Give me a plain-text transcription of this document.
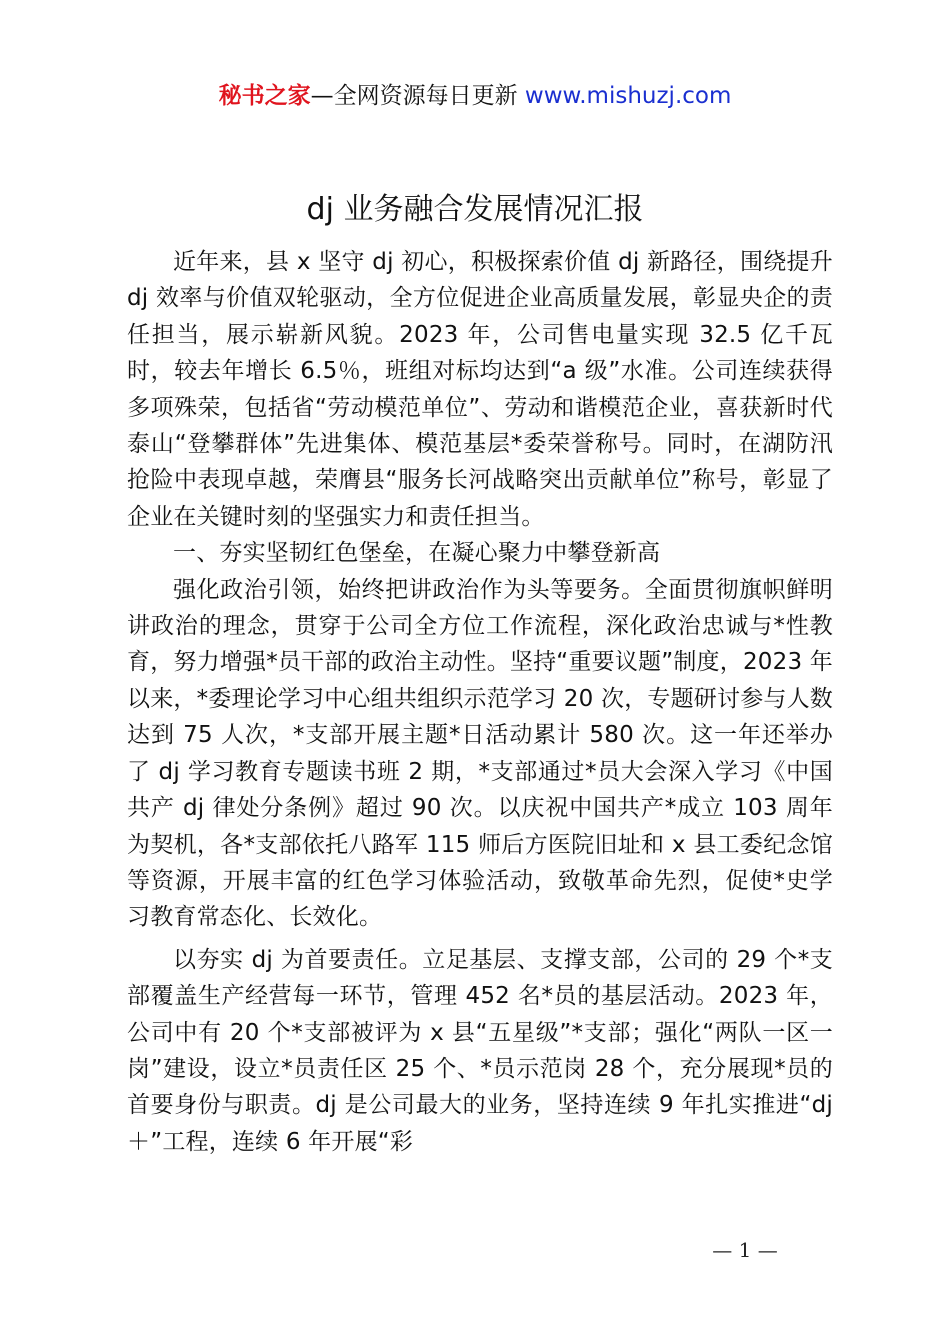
秘书之家—全网资源每日更新 www.mishuzj.com
dj 业务融合发展情况汇报

近年来，县 x 坚守 dj 初心，积极探索价值 dj 新路径，围绕提升 dj 效率与价值双轮驱动，全方位促进企业高质量发展，彰显央企的责任担当，展示崭新风貌。2023 年，公司售电量实现 32.5 亿千瓦时，较去年增长 6.5％，班组对标均达到“a 级”水准。公司连续获得多项殊荣，包括省“劳动模范单位”、劳动和谐模范企业，喜获新时代泰山“登攀群体”先进集体、模范基层*委荣誉称号。同时，在湖防汛抢险中表现卓越，荣膺县“服务长河战略突出贡献单位”称号，彰显了企业在关键时刻的坚强实力和责任担当。

一、夯实坚韧红色堡垒，在凝心聚力中攀登新高

强化政治引领，始终把讲政治作为头等要务。全面贯彻旗帜鲜明讲政治的理念，贯穿于公司全方位工作流程，深化政治忠诚与*性教育，努力增强*员干部的政治主动性。坚持“重要议题”制度，2023 年以来，*委理论学习中心组共组织示范学习 20 次，专题研讨参与人数达到 75 人次，*支部开展主题*日活动累计 580 次。这一年还举办了 dj 学习教育专题读书班 2 期，*支部通过*员大会深入学习《中国共产 dj 律处分条例》超过 90 次。以庆祝中国共产*成立 103 周年为契机，各*支部依托八路军 115 师后方医院旧址和 x 县工委纪念馆等资源，开展丰富的红色学习体验活动，致敬革命先烈，促使*史学习教育常态化、长效化。

以夯实 dj 为首要责任。立足基层、支撑支部，公司的 29 个*支部覆盖生产经营每一环节，管理 452 名*员的基层活动。2023 年，公司中有 20 个*支部被评为 x 县“五星级”*支部；强化“两队一区一岗”建设，设立*员责任区 25 个、*员示范岗 28 个，充分展现*员的首要身份与职责。dj 是公司最大的业务，坚持连续 9 年扎实推进“dj＋”工程，连续 6 年开展“彩

— 1 —
